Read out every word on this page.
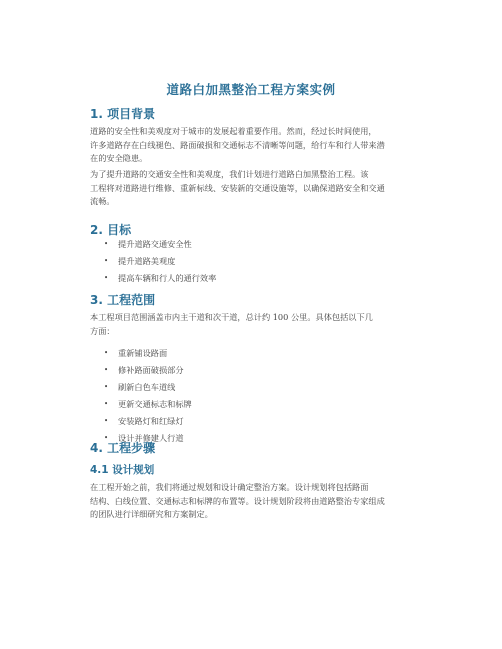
道路白加黑整治工程方案实例
1. 项目背景
道路的安全性和美观度对于城市的发展起着重要作用。然而，经过长时间使用，
许多道路存在白线褪色、路面破损和交通标志不清晰等问题，给行车和行人带来潜
在的安全隐患。
为了提升道路的交通安全性和美观度，我们计划进行道路白加黑整治工程。该
工程将对道路进行维修、重新标线、安装新的交通设施等，以确保道路安全和交通
流畅。
2. 目标
• 提升道路交通安全性
• 提升道路美观度
• 提高车辆和行人的通行效率
3. 工程范围
本工程项目范围涵盖市内主干道和次干道，总计约 100 公里。具体包括以下几
方面：
• 重新铺设路面
• 修补路面破损部分
• 刷新白色车道线
• 更新交通标志和标牌
• 安装路灯和红绿灯
• 设计并修建人行道
4. 工程步骤
4.1 设计规划
在工程开始之前，我们将通过规划和设计确定整治方案。设计规划将包括路面
结构、白线位置、交通标志和标牌的布置等。设计规划阶段将由道路整治专家组成
的团队进行详细研究和方案制定。
